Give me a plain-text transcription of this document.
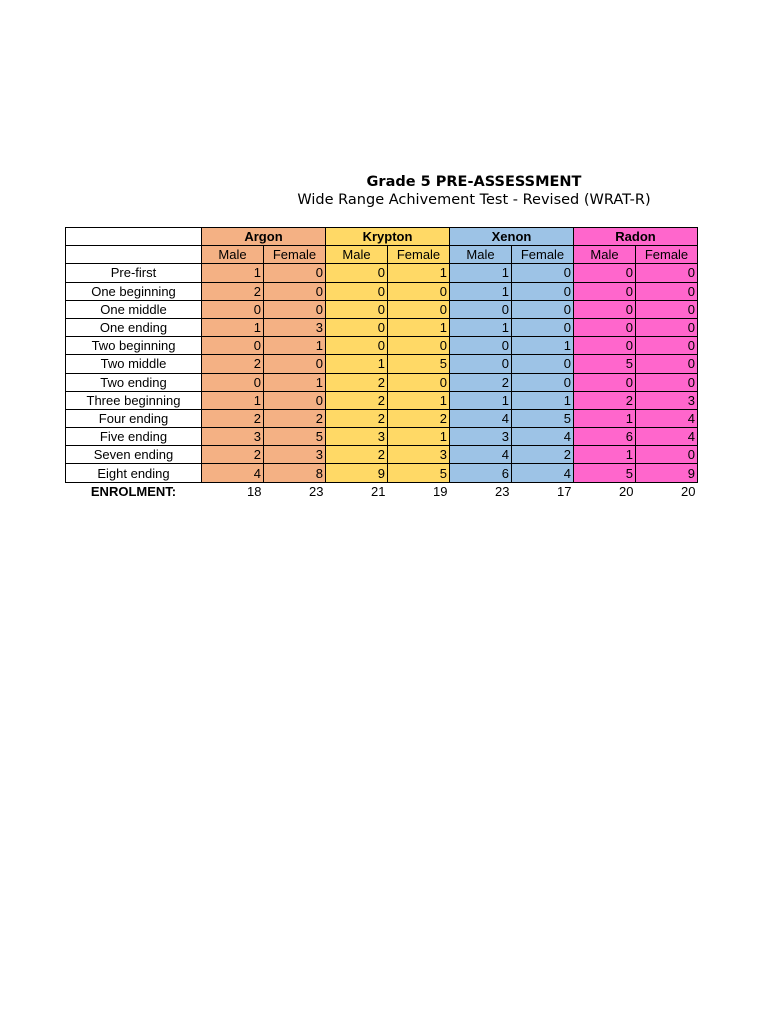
Grade 5 PRE-ASSESSMENT
Wide Range Achivement Test - Revised (WRAT-R)
	Argon		Krypton		Xenon		Radon	
	Male	Female	Male	Female	Male	Female	Male	Female
Pre-first	1	0	0	1	1	0	0	0
One beginning	2	0	0	0	1	0	0	0
One middle	0	0	0	0	0	0	0	0
One ending	1	3	0	1	1	0	0	0
Two beginning	0	1	0	0	0	1	0	0
Two middle	2	0	1	5	0	0	5	0
Two ending	0	1	2	0	2	0	0	0
Three beginning	1	0	2	1	1	1	2	3
Four ending	2	2	2	2	4	5	1	4
Five ending	3	5	3	1	3	4	6	4
Seven ending	2	3	2	3	4	2	1	0
Eight ending	4	8	9	5	6	4	5	9
ENROLMENT:	18	23	21	19	23	17	20	20
